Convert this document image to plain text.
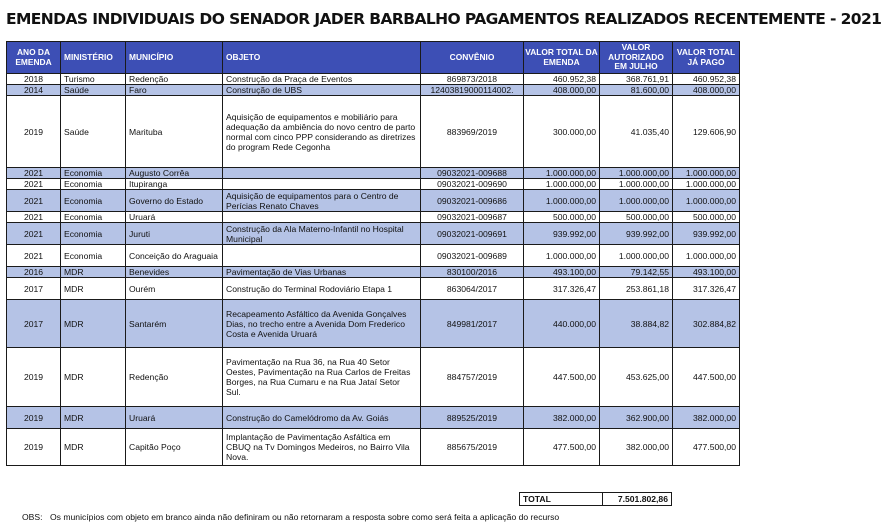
EMENDAS INDIVIDUAIS DO SENADOR JADER BARBALHO PAGAMENTOS REALIZADOS RECENTEMENTE - 2021
ANO DA EMENDA	MINISTÉRIO	MUNICÍPIO	OBJETO	CONVÊNIO	VALOR TOTAL DA EMENDA	VALOR AUTORIZADO EM JULHO	VALOR TOTAL JÁ PAGO
2018	Turismo	Redenção	Construção da Praça de Eventos	869873/2018	460.952,38	368.761,91	460.952,38
2014	Saúde	Faro	Construção de UBS	12403819000114002.	408.000,00	81.600,00	408.000,00
2019	Saúde	Marituba	Aquisição de equipamentos e mobiliário para adequação da ambiência do novo centro de parto normal com cinco PPP considerando as diretrizes do program Rede Cegonha	883969/2019	300.000,00	41.035,40	129.606,90
2021	Economia	Augusto Corrêa		09032021-009688	1.000.000,00	1.000.000,00	1.000.000,00
2021	Economia	Itupiranga		09032021-009690	1.000.000,00	1.000.000,00	1.000.000,00
2021	Economia	Governo do Estado	Aquisição de equipamentos para o Centro de Perícias Renato Chaves	09032021-009686	1.000.000,00	1.000.000,00	1.000.000,00
2021	Economia	Uruará		09032021-009687	500.000,00	500.000,00	500.000,00
2021	Economia	Juruti	Construção da Ala Materno-Infantil no Hospital Municipal	09032021-009691	939.992,00	939.992,00	939.992,00
2021	Economia	Conceição do Araguaia		09032021-009689	1.000.000,00	1.000.000,00	1.000.000,00
2016	MDR	Benevides	Pavimentação de Vias Urbanas	830100/2016	493.100,00	79.142,55	493.100,00
2017	MDR	Ourém	Construção do Terminal Rodoviário Etapa 1	863064/2017	317.326,47	253.861,18	317.326,47
2017	MDR	Santarém	Recapeamento Asfáltico da Avenida Gonçalves Dias, no trecho entre a Avenida Dom Frederico Costa e Avenida Uruará	849981/2017	440.000,00	38.884,82	302.884,82
2019	MDR	Redenção	Pavimentação na Rua 36, na Rua 40 Setor Oestes, Pavimentação na Rua Carlos de Freitas Borges, na Rua Cumaru e na Rua Jataí Setor Sul.	884757/2019	447.500,00	453.625,00	447.500,00
2019	MDR	Uruará	Construção do Camelódromo da Av. Goiás	889525/2019	382.000,00	362.900,00	382.000,00
2019	MDR	Capitão Poço	Implantação de Pavimentação Asfáltica em CBUQ na Tv Domingos Medeiros, no Bairro Vila Nova.	885675/2019	477.500,00	382.000,00	477.500,00
TOTAL	7.501.802,86
OBS: Os municípios com objeto em branco ainda não definiram ou não retornaram a resposta sobre como será feita a aplicação do recurso
